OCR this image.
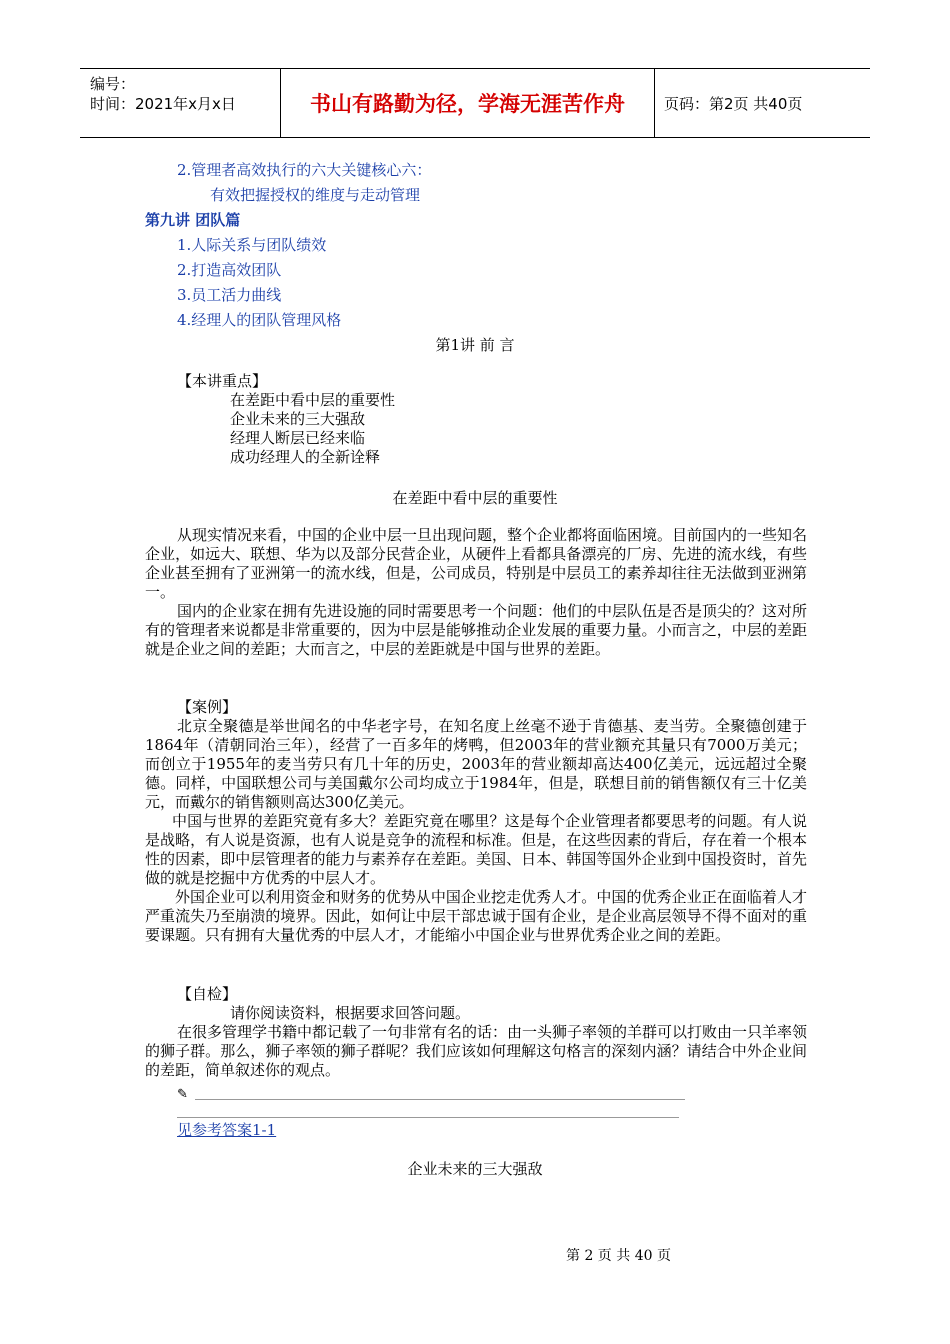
编号：
时间：2021年x月x日	书山有路勤为径，学海无涯苦作舟	页码：第2页 共40页
2.管理者高效执行的六大关键核心六：
有效把握授权的维度与走动管理
第九讲 团队篇
1.人际关系与团队绩效
2.打造高效团队
3.员工活力曲线
4.经理人的团队管理风格
第1讲 前 言
【本讲重点】
在差距中看中层的重要性
企业未来的三大强敌
经理人断层已经来临
成功经理人的全新诠释
在差距中看中层的重要性
从现实情况来看，中国的企业中层一旦出现问题，整个企业都将面临困境。目前国内的一些知名企业，如远大、联想、华为以及部分民营企业，从硬件上看都具备漂亮的厂房、先进的流水线，有些企业甚至拥有了亚洲第一的流水线，但是，公司成员，特别是中层员工的素养却往往无法做到亚洲第一。
国内的企业家在拥有先进设施的同时需要思考一个问题：他们的中层队伍是否是顶尖的？这对所有的管理者来说都是非常重要的，因为中层是能够推动企业发展的重要力量。小而言之，中层的差距就是企业之间的差距；大而言之，中层的差距就是中国与世界的差距。
【案例】
北京全聚德是举世闻名的中华老字号，在知名度上丝毫不逊于肯德基、麦当劳。全聚德创建于1864年（清朝同治三年），经营了一百多年的烤鸭，但2003年的营业额充其量只有7000万美元；而创立于1955年的麦当劳只有几十年的历史，2003年的营业额却高达400亿美元，远远超过全聚德。同样，中国联想公司与美国戴尔公司均成立于1984年，但是，联想目前的销售额仅有三十亿美元，而戴尔的销售额则高达300亿美元。
中国与世界的差距究竟有多大？差距究竟在哪里？这是每个企业管理者都要思考的问题。有人说是战略，有人说是资源，也有人说是竞争的流程和标准。但是，在这些因素的背后，存在着一个根本性的因素，即中层管理者的能力与素养存在差距。美国、日本、韩国等国外企业到中国投资时，首先做的就是挖掘中方优秀的中层人才。
外国企业可以利用资金和财务的优势从中国企业挖走优秀人才。中国的优秀企业正在面临着人才严重流失乃至崩溃的境界。因此，如何让中层干部忠诚于国有企业，是企业高层领导不得不面对的重要课题。只有拥有大量优秀的中层人才，才能缩小中国企业与世界优秀企业之间的差距。
【自检】
请你阅读资料，根据要求回答问题。
在很多管理学书籍中都记载了一句非常有名的话：由一头狮子率领的羊群可以打败由一只羊率领的狮子群。那么，狮子率领的狮子群呢？我们应该如何理解这句格言的深刻内涵？请结合中外企业间的差距，简单叙述你的观点。
✎
见参考答案1-1
企业未来的三大强敌
第 2 页 共 40 页
